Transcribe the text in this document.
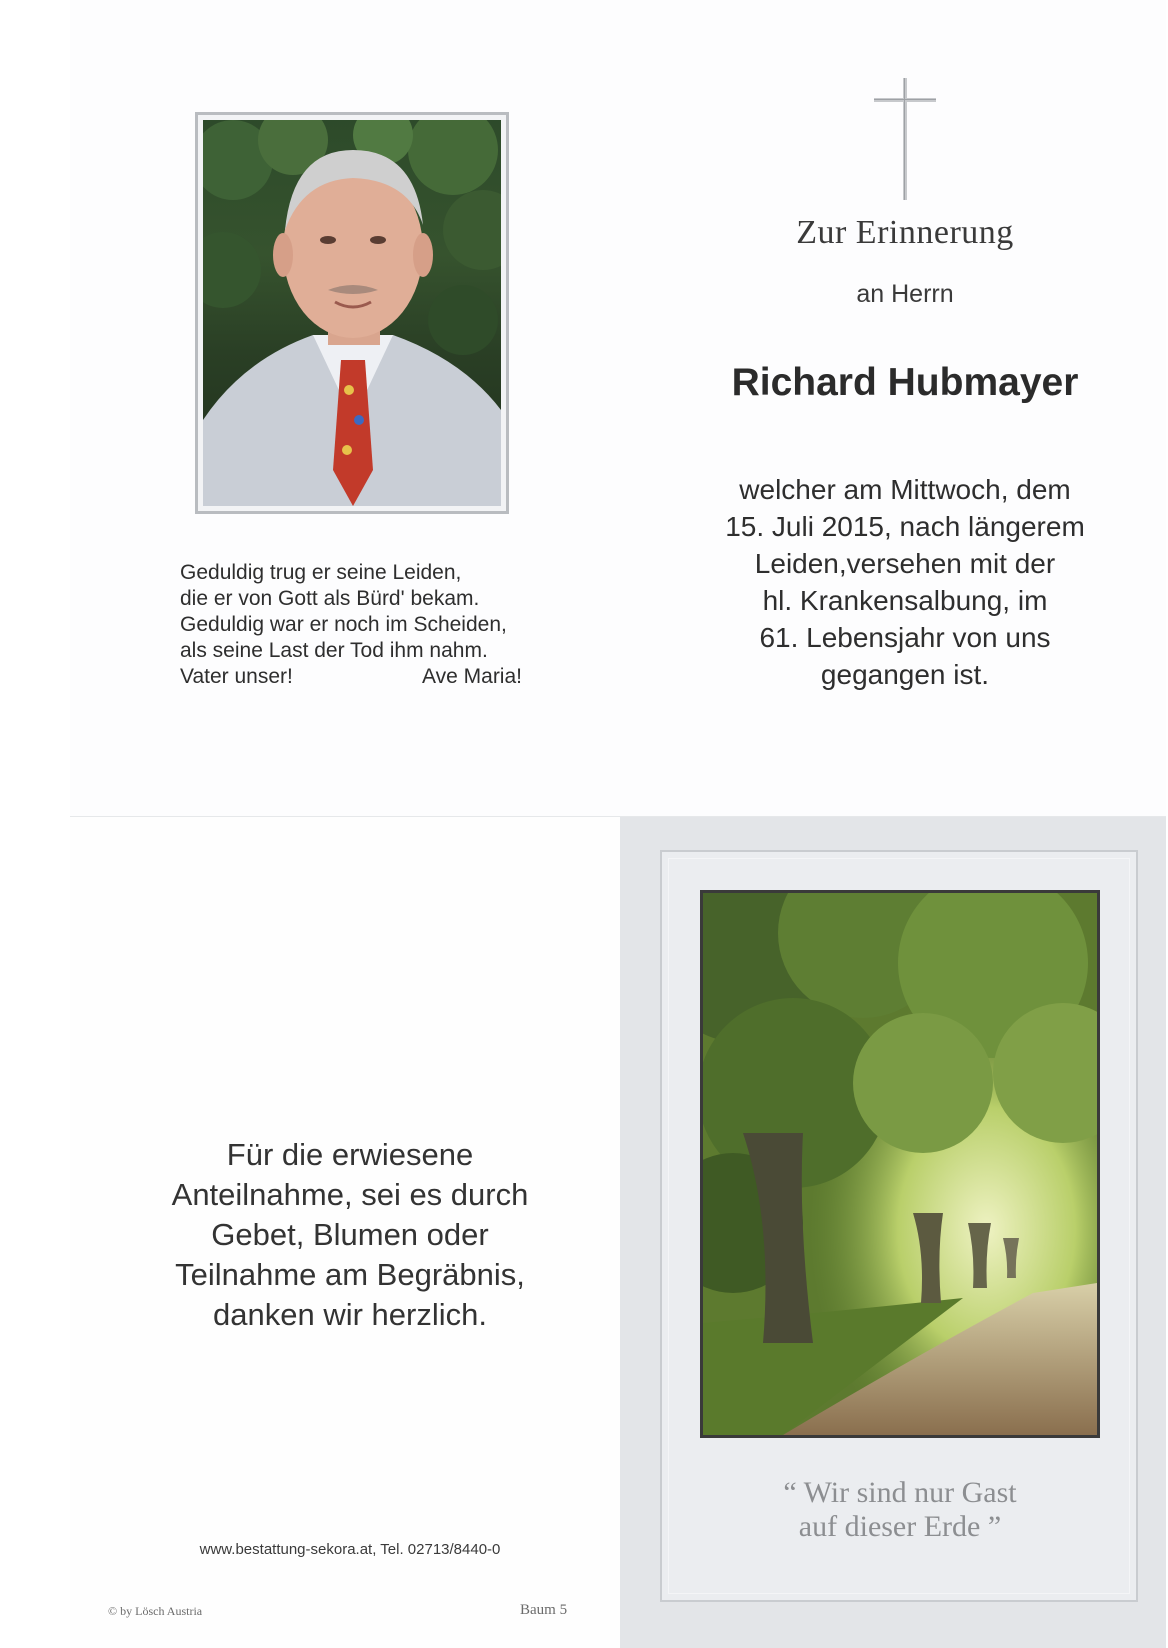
Zur Erinnerung
an Herrn
Richard Hubmayer
welcher am Mittwoch, dem
15. Juli 2015, nach längerem
Leiden,versehen mit der
hl. Krankensalbung, im
61. Lebensjahr von uns
gegangen ist.
Geduldig trug er seine Leiden,
die er von Gott als Bürd' bekam.
Geduldig war er noch im Scheiden,
als seine Last der Tod ihm nahm.
Vater unser!	Ave Maria!
Für die erwiesene
Anteilnahme, sei es durch
Gebet, Blumen oder
Teilnahme am Begräbnis,
danken wir herzlich.
www.bestattung-sekora.at, Tel. 02713/8440-0
© by Lösch Austria	Baum 5
“ Wir sind nur Gast
auf dieser Erde ”
